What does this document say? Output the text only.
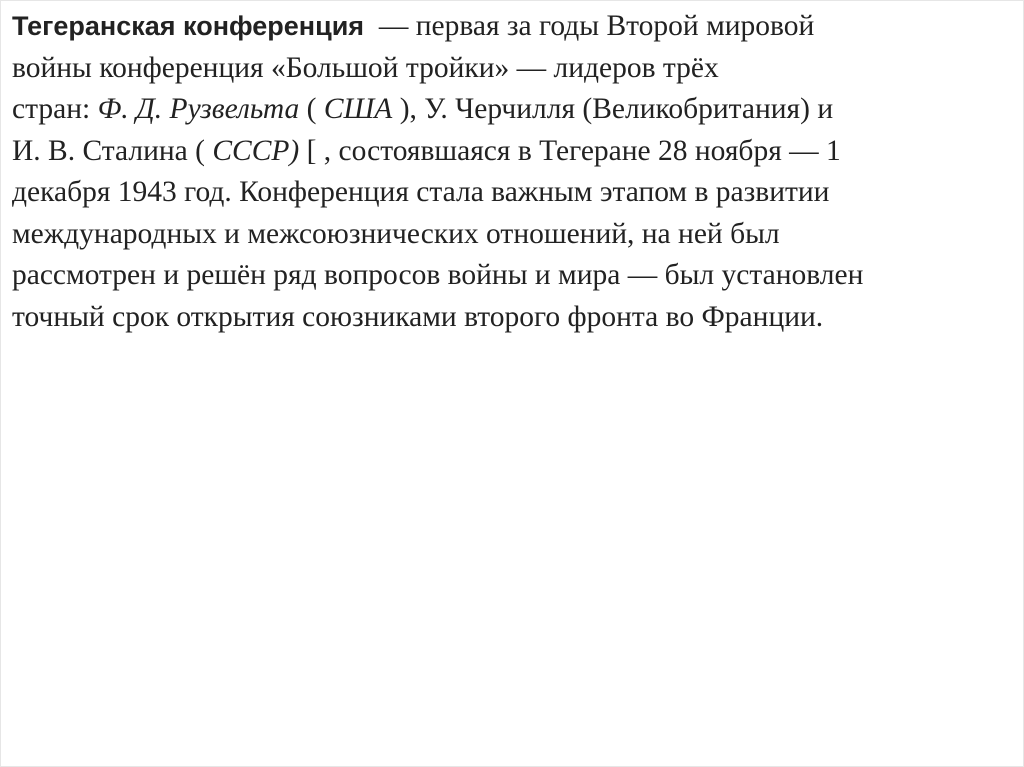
Тегеранская конференция  — первая за годы Второй мировой
войны конференция «Большой тройки» — лидеров трёх
стран: Ф. Д. Рузвельта ( США ), У. Черчилля (Великобритания) и
И. В. Сталина ( СССР) [ , состоявшаяся в Тегеране 28 ноября — 1
декабря 1943 год. Конференция стала важным этапом в развитии
международных и межсоюзнических отношений, на ней был
рассмотрен и решён ряд вопросов войны и мира — был установлен
точный срок открытия союзниками второго фронта во Франции.
